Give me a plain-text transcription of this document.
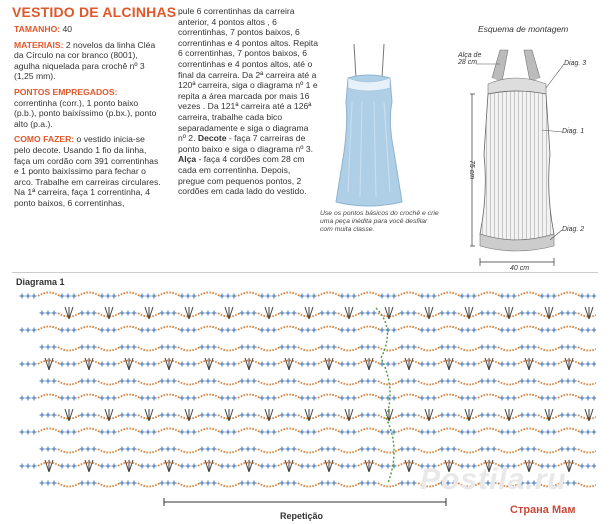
VESTIDO DE ALCINHAS

TAMANHO: 40

MATERIAIS: 2 novelos da linha Cléa da Círculo na cor branco (8001), agulha niquelada para crochê nº 3 (1,25 mm).

PONTOS EMPREGADOS:
correntinha (corr.), 1 ponto baixo (p.b.), ponto baixíssimo (p.bx.), ponto alto (p.a.).

COMO FAZER: o vestido inicia-se pelo decote. Usando 1 fio da linha, faça um cordão com 391 correntinhas e 1 ponto baixíssimo para fechar o arco. Trabalhe em carreiras circulares. Na 1ª carreira, faça 1 correntinha, 4 ponto baixos, 6 correntinhas,

pule 6 correntinhas da carreira anterior, 4 pontos altos , 6 correntinhas, 7 pontos baixos, 6 correntinhas e 4 pontos altos. Repita 6 correntinhas, 7 pontos baixos, 6 correntinhas e 4 pontos altos, até o final da carreira. Da 2ª carreira até a 120ª carreira, siga o diagrama nº 1 e repita a área marcada por mais 16 vezes . Da 121ª carreira até a 126ª carreira, trabalhe cada bico separadamente e siga o diagrama nº 2. Decote - faça 7 carreiras de ponto baixo e siga o diagrama nº 3. Alça - faça 4 cordões com 28 cm cada em correntinha. Depois, pregue com pequenos pontos, 2 cordões em cada lado do vestido.
Use os pontos básicos do crochê e crie uma peça inédita para você desfilar com muita classe.
Esquema de montagem
Alça de 28 cm	Diag. 3
Diag. 1
Diag. 2
75 cm
40 cm
Diagrama 1
Repetição
Postila.ru
Страна Мам
